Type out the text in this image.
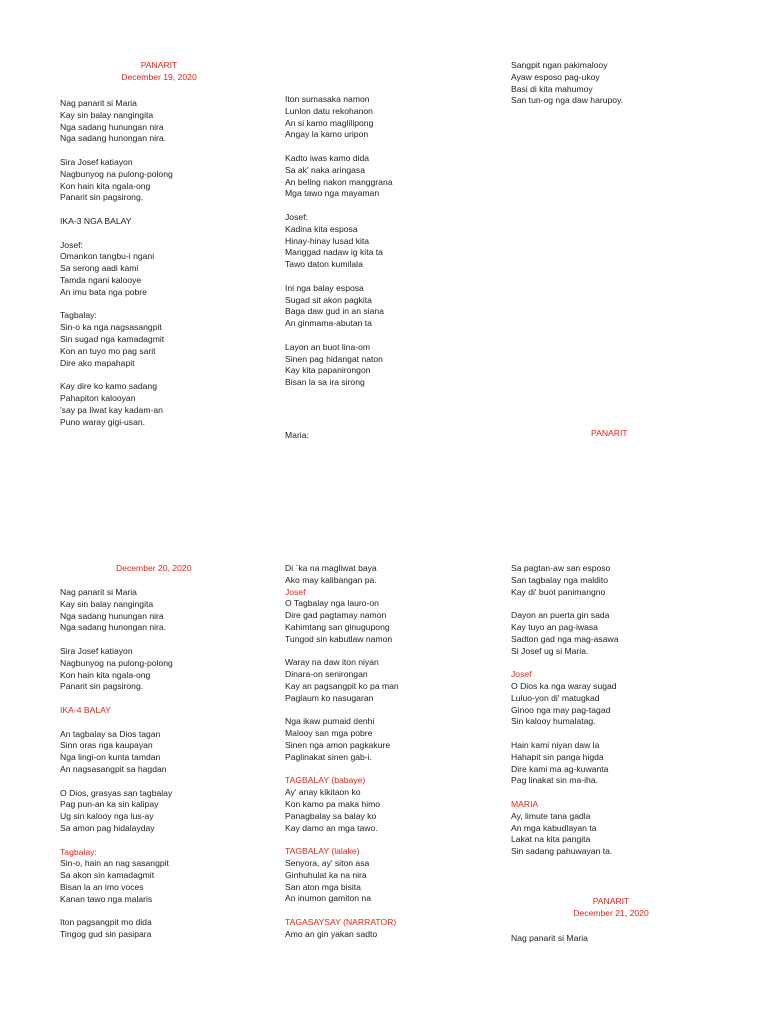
PANARIT
December 19, 2020
Nag panarit si Maria
Kay sin balay nangingita
Nga sadang hunungan nira
Nga sadang hunongan nira.
Sira Josef katiayon
Nagbunyog na pulong-polong
Kon hain kita ngala-ong
Panarit sin pagsirong.
IKA-3 NGA BALAY
Josef:
Omankon tangbu-i ngani
Sa serong aadi kami
Tamda ngani kalooye
An imu bata nga pobre
Tagbalay:
Sin-o ka nga nagsasangpit
Sin sugad nga kamadagmit
Kon an tuyo mo pag sarit
Dire ako mapahapit
Kay dire ko kamo sadang
Pahapiton kalooyan
'say pa liwat kay kadam-an
Puno waray gigi-usan.
Iton sumasaka namon
Lunlon datu rekohanon
An si kamo maglilipong
Angay la kamo uripon
Kadto iwas kamo dida
Sa ak' naka aringasa
An beling nakon manggrana
Mga tawo nga mayaman
Josef:
Kadina kita esposa
Hinay-hinay lusad kita
Manggad nadaw ig kita ta
Tawo daton kumilala
Ini nga balay esposa
Sugad sit akon pagkita
Baga daw gud in an siana
An ginmama-abutan ta
Layon an buot lina-om
Sinen pag hidangat naton
Kay kita papanirongon
Bisan la sa ira sirong
Sangpit ngan pakimalooy
Ayaw esposo pag-ukoy
Basi di kita mahumoy
San tun-og nga daw harupoy.
Maria:	PANARIT
December 20, 2020
Nag panarit si Maria
Kay sin balay nangingita
Nga sadang hunungan nira
Nga sadang hunongan nira.
Sira Josef katiayon
Nagbunyog na pulong-polong
Kon hain kita ngala-ong
Panarit sin pagsirong.
IKA-4 BALAY
An tagbalay sa Dios tagan
Sinn oras nga kaupayan
Nga lingi-on kunta tamdan
An nagsasangpit sa hagdan
O Dios, grasyas san tagbalay
Pag pun-an ka sin kalipay
Ug sin kalooy nga lus-ay
Sa amon pag hidalayday
Tagbalay:
Sin-o, hain an nag sasangpit
Sa akon sin kamadagmit
Bisan la an imo voces
Kanan tawo nga malaris
Iton pagsangpit mo dida
Tingog gud sin pasipara
Di `ka na magliwat baya
Ako may kalibangan pa.
Josef
O Tagbalay nga lauro-on
Dire gad pagtamay namon
Kahimtang san ginugupong
Tungod sin kabutlaw namon
Waray na daw iton niyan
Dinara-on senirongan
Kay an pagsangpit ko pa man
Paglaum ko nasugaran
Nga ikaw pumaid denhi
Malooy san mga pobre
Sinen nga amon pagkakure
Paglinakat sinen gab-i.
TAGBALAY (babaye)
Ay' anay kikitaon ko
Kon kamo pa maka himo
Panagbalay sa balay ko
Kay damo an mga tawo.
TAGBALAY (lalake)
Senyora, ay' siton asa
Ginhuhulat ka na nira
San aton mga bisita
An inumon gamiton na
TAGASAYSAY (NARRATOR)
Amo an gin yakan sadto
Sa pagtan-aw san esposo
San tagbalay nga maldito
Kay di' buot panimangno
Dayon an puerta gin sada
Kay tuyo an pag-iwasa
Sadton gad nga mag-asawa
Si Josef ug si Maria.
Josef
O Dios ka nga waray sugad
Luluo-yon di' matugkad
Ginoo nga may pag-tagad
Sin kalooy humalatag.
Hain kami niyan daw la
Hahapit sin panga higda
Dire kami ma ag-kuwanta
Pag linakat sin ma-iha.
MARIA
Ay, limute tana gadla
An mga kabudlayan ta
Lakat na kita pangita
Sin sadang pahuwayan ta.
PANARIT
December 21, 2020
Nag panarit si Maria
